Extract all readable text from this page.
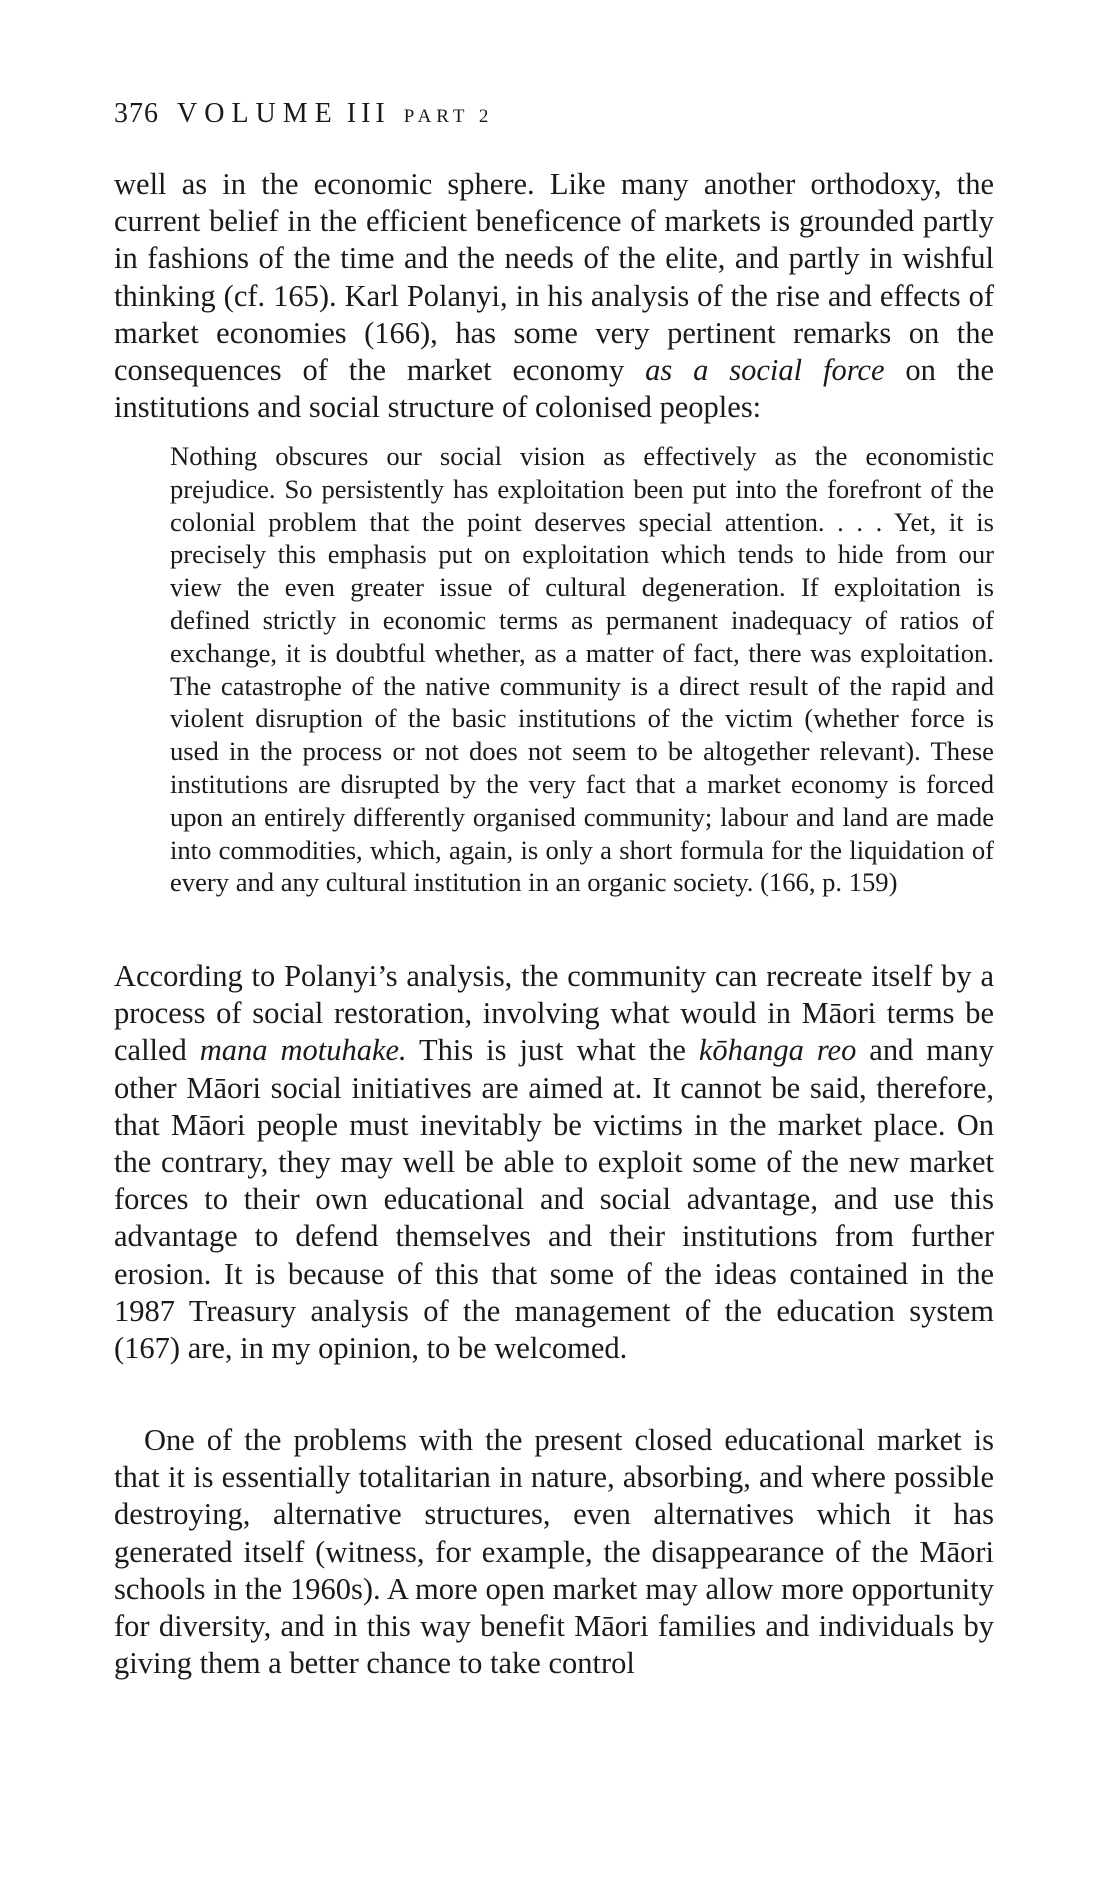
376 VOLUME III PART 2

well as in the economic sphere. Like many another orthodoxy, the current belief in the efficient beneficence of markets is grounded partly in fashions of the time and the needs of the elite, and partly in wishful thinking (cf. 165). Karl Polanyi, in his analysis of the rise and effects of market economies (166), has some very pertinent remarks on the consequences of the market economy as a social force on the institutions and social structure of colonised peoples:

Nothing obscures our social vision as effectively as the economistic prejudice. So persistently has exploitation been put into the forefront of the colonial problem that the point deserves special attention. . . . Yet, it is precisely this emphasis put on exploitation which tends to hide from our view the even greater issue of cultural degeneration. If exploitation is defined strictly in economic terms as permanent inadequacy of ratios of exchange, it is doubtful whether, as a matter of fact, there was exploitation. The catastrophe of the native community is a direct result of the rapid and violent disruption of the basic institutions of the victim (whether force is used in the process or not does not seem to be altogether relevant). These institutions are disrupted by the very fact that a market economy is forced upon an entirely differently organised community; labour and land are made into commodities, which, again, is only a short formula for the liquidation of every and any cultural institution in an organic society. (166, p. 159)

According to Polanyi’s analysis, the community can recreate itself by a process of social restoration, involving what would in Māori terms be called mana motuhake. This is just what the kōhanga reo and many other Māori social initiatives are aimed at. It cannot be said, therefore, that Māori people must inevitably be victims in the market place. On the contrary, they may well be able to exploit some of the new market forces to their own educational and social advantage, and use this advantage to defend themselves and their institutions from further erosion. It is because of this that some of the ideas contained in the 1987 Treasury analysis of the management of the education system (167) are, in my opinion, to be welcomed.

One of the problems with the present closed educational market is that it is essentially totalitarian in nature, absorbing, and where possible destroying, alternative structures, even alternatives which it has generated itself (witness, for example, the disappearance of the Māori schools in the 1960s). A more open market may allow more opportunity for diversity, and in this way benefit Māori families and individuals by giving them a better chance to take control
